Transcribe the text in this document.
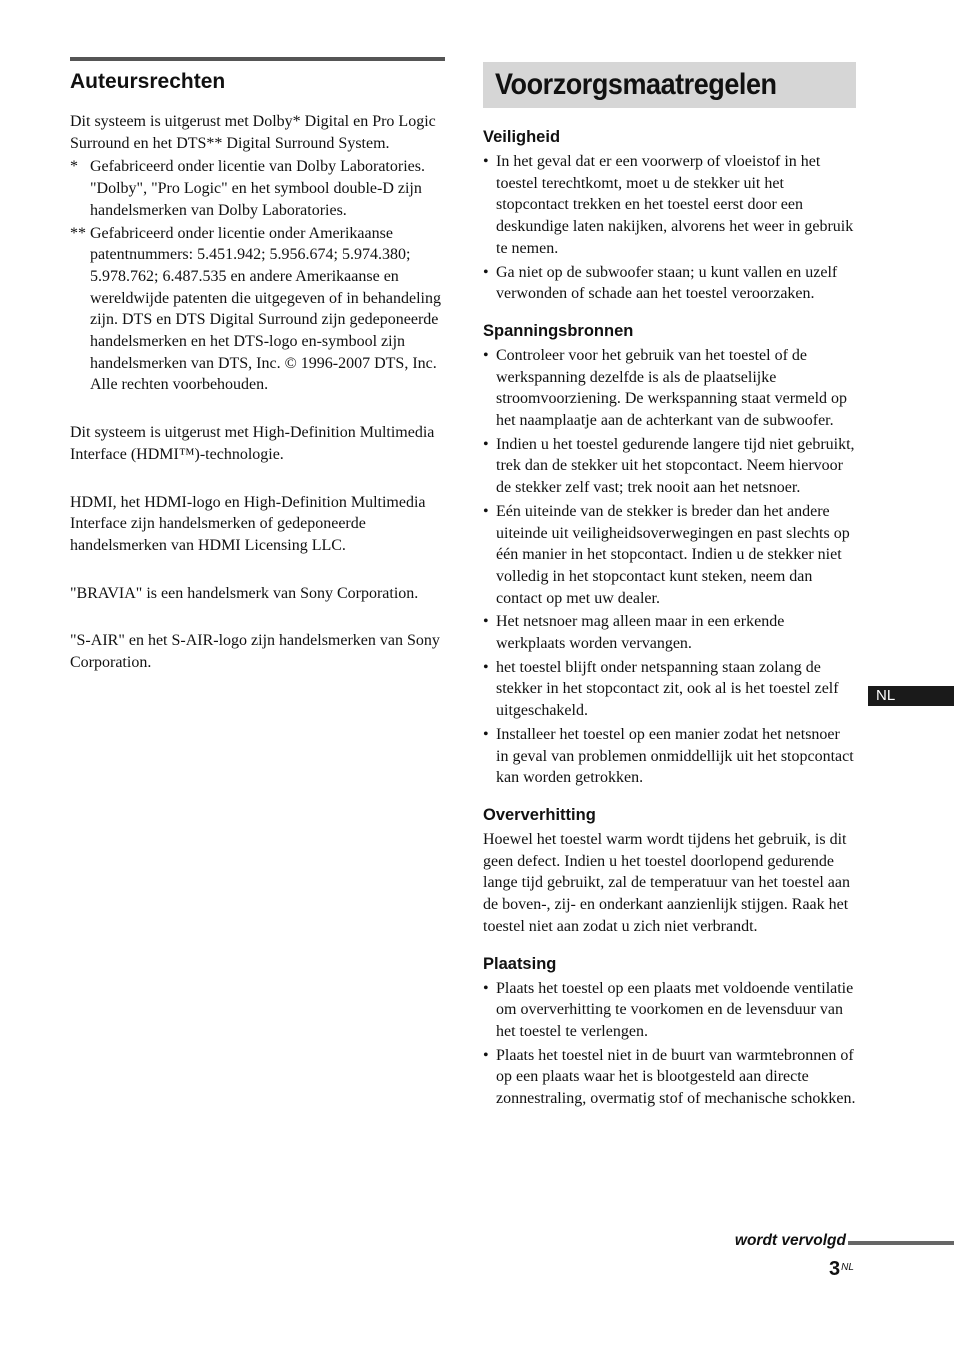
Auteursrechten

Dit systeem is uitgerust met Dolby* Digital en Pro Logic Surround en het DTS** Digital Surround System.

* Gefabriceerd onder licentie van Dolby Laboratories. "Dolby", "Pro Logic" en het symbool double-D zijn handelsmerken van Dolby Laboratories.
** Gefabriceerd onder licentie onder Amerikaanse patentnummers: 5.451.942; 5.956.674; 5.974.380; 5.978.762; 6.487.535 en andere Amerikaanse en wereldwijde patenten die uitgegeven of in behandeling zijn. DTS en DTS Digital Surround zijn gedeponeerde handelsmerken en het DTS-logo en-symbool zijn handelsmerken van DTS, Inc. © 1996-2007 DTS, Inc. Alle rechten voorbehouden.

Dit systeem is uitgerust met High-Definition Multimedia Interface (HDMI™)-technologie.

HDMI, het HDMI-logo en High-Definition Multimedia Interface zijn handelsmerken of gedeponeerde handelsmerken van HDMI Licensing LLC.

"BRAVIA" is een handelsmerk van Sony Corporation.

"S-AIR" en het S-AIR-logo zijn handelsmerken van Sony Corporation.

Voorzorgsmaatregelen
Veiligheid
• In het geval dat er een voorwerp of vloeistof in het toestel terechtkomt, moet u de stekker uit het stopcontact trekken en het toestel eerst door een deskundige laten nakijken, alvorens het weer in gebruik te nemen.
• Ga niet op de subwoofer staan; u kunt vallen en uzelf verwonden of schade aan het toestel veroorzaken.
Spanningsbronnen
• Controleer voor het gebruik van het toestel of de werkspanning dezelfde is als de plaatselijke stroomvoorziening. De werkspanning staat vermeld op het naamplaatje aan de achterkant van de subwoofer.
• Indien u het toestel gedurende langere tijd niet gebruikt, trek dan de stekker uit het stopcontact. Neem hiervoor de stekker zelf vast; trek nooit aan het netsnoer.
• Eén uiteinde van de stekker is breder dan het andere uiteinde uit veiligheidsoverwegingen en past slechts op één manier in het stopcontact. Indien u de stekker niet volledig in het stopcontact kunt steken, neem dan contact op met uw dealer.
• Het netsnoer mag alleen maar in een erkende werkplaats worden vervangen.
• het toestel blijft onder netspanning staan zolang de stekker in het stopcontact zit, ook al is het toestel zelf uitgeschakeld.
• Installeer het toestel op een manier zodat het netsnoer in geval van problemen onmiddellijk uit het stopcontact kan worden getrokken.
Oververhitting

Hoewel het toestel warm wordt tijdens het gebruik, is dit geen defect. Indien u het toestel doorlopend gedurende lange tijd gebruikt, zal de temperatuur van het toestel aan de boven-, zij- en onderkant aanzienlijk stijgen. Raak het toestel niet aan zodat u zich niet verbrandt.

Plaatsing
• Plaats het toestel op een plaats met voldoende ventilatie om oververhitting te voorkomen en de levensduur van het toestel te verlengen.
• Plaats het toestel niet in de buurt van warmtebronnen of op een plaats waar het is blootgesteld aan directe zonnestraling, overmatig stof of mechanische schokken.
NL
wordt vervolgd
$3^{NL}$
